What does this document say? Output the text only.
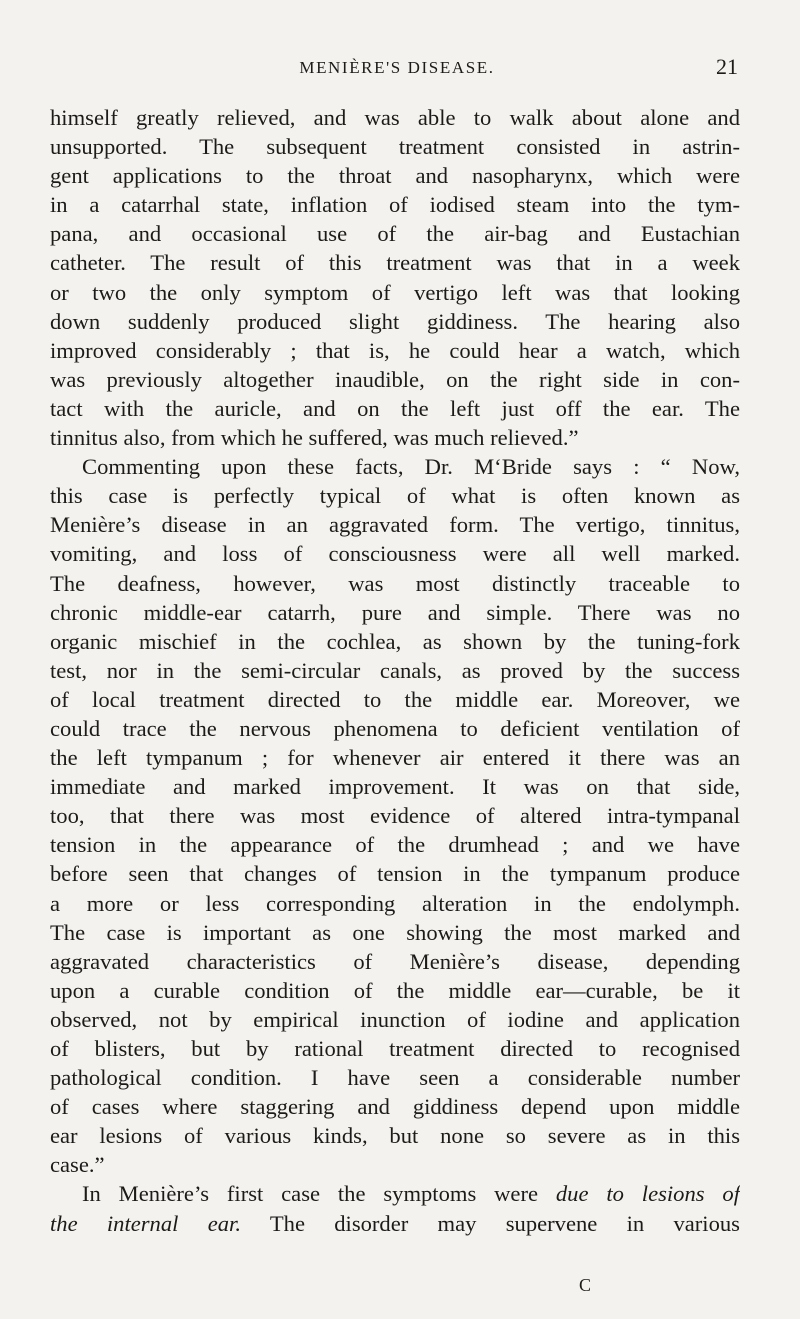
MENIÈRE'S DISEASE.	21
himself greatly relieved, and was able to walk about alone and
unsupported. The subsequent treatment consisted in astrin-
gent applications to the throat and nasopharynx, which were
in a catarrhal state, inflation of iodised steam into the tym-
pana, and occasional use of the air-bag and Eustachian
catheter. The result of this treatment was that in a week
or two the only symptom of vertigo left was that looking
down suddenly produced slight giddiness. The hearing also
improved considerably ; that is, he could hear a watch, which
was previously altogether inaudible, on the right side in con-
tact with the auricle, and on the left just off the ear. The
tinnitus also, from which he suffered, was much relieved.”
Commenting upon these facts, Dr. M‘Bride says : “ Now,
this case is perfectly typical of what is often known as
Menière’s disease in an aggravated form. The vertigo, tinnitus,
vomiting, and loss of consciousness were all well marked.
The deafness, however, was most distinctly traceable to
chronic middle-ear catarrh, pure and simple. There was no
organic mischief in the cochlea, as shown by the tuning-fork
test, nor in the semi-circular canals, as proved by the success
of local treatment directed to the middle ear. Moreover, we
could trace the nervous phenomena to deficient ventilation of
the left tympanum ; for whenever air entered it there was an
immediate and marked improvement. It was on that side,
too, that there was most evidence of altered intra-tympanal
tension in the appearance of the drumhead ; and we have
before seen that changes of tension in the tympanum produce
a more or less corresponding alteration in the endolymph.
The case is important as one showing the most marked and
aggravated characteristics of Menière’s disease, depending
upon a curable condition of the middle ear—curable, be it
observed, not by empirical inunction of iodine and application
of blisters, but by rational treatment directed to recognised
pathological condition. I have seen a considerable number
of cases where staggering and giddiness depend upon middle
ear lesions of various kinds, but none so severe as in this
case.”
In Menière’s first case the symptoms were due to lesions of
the internal ear. The disorder may supervene in various
C
